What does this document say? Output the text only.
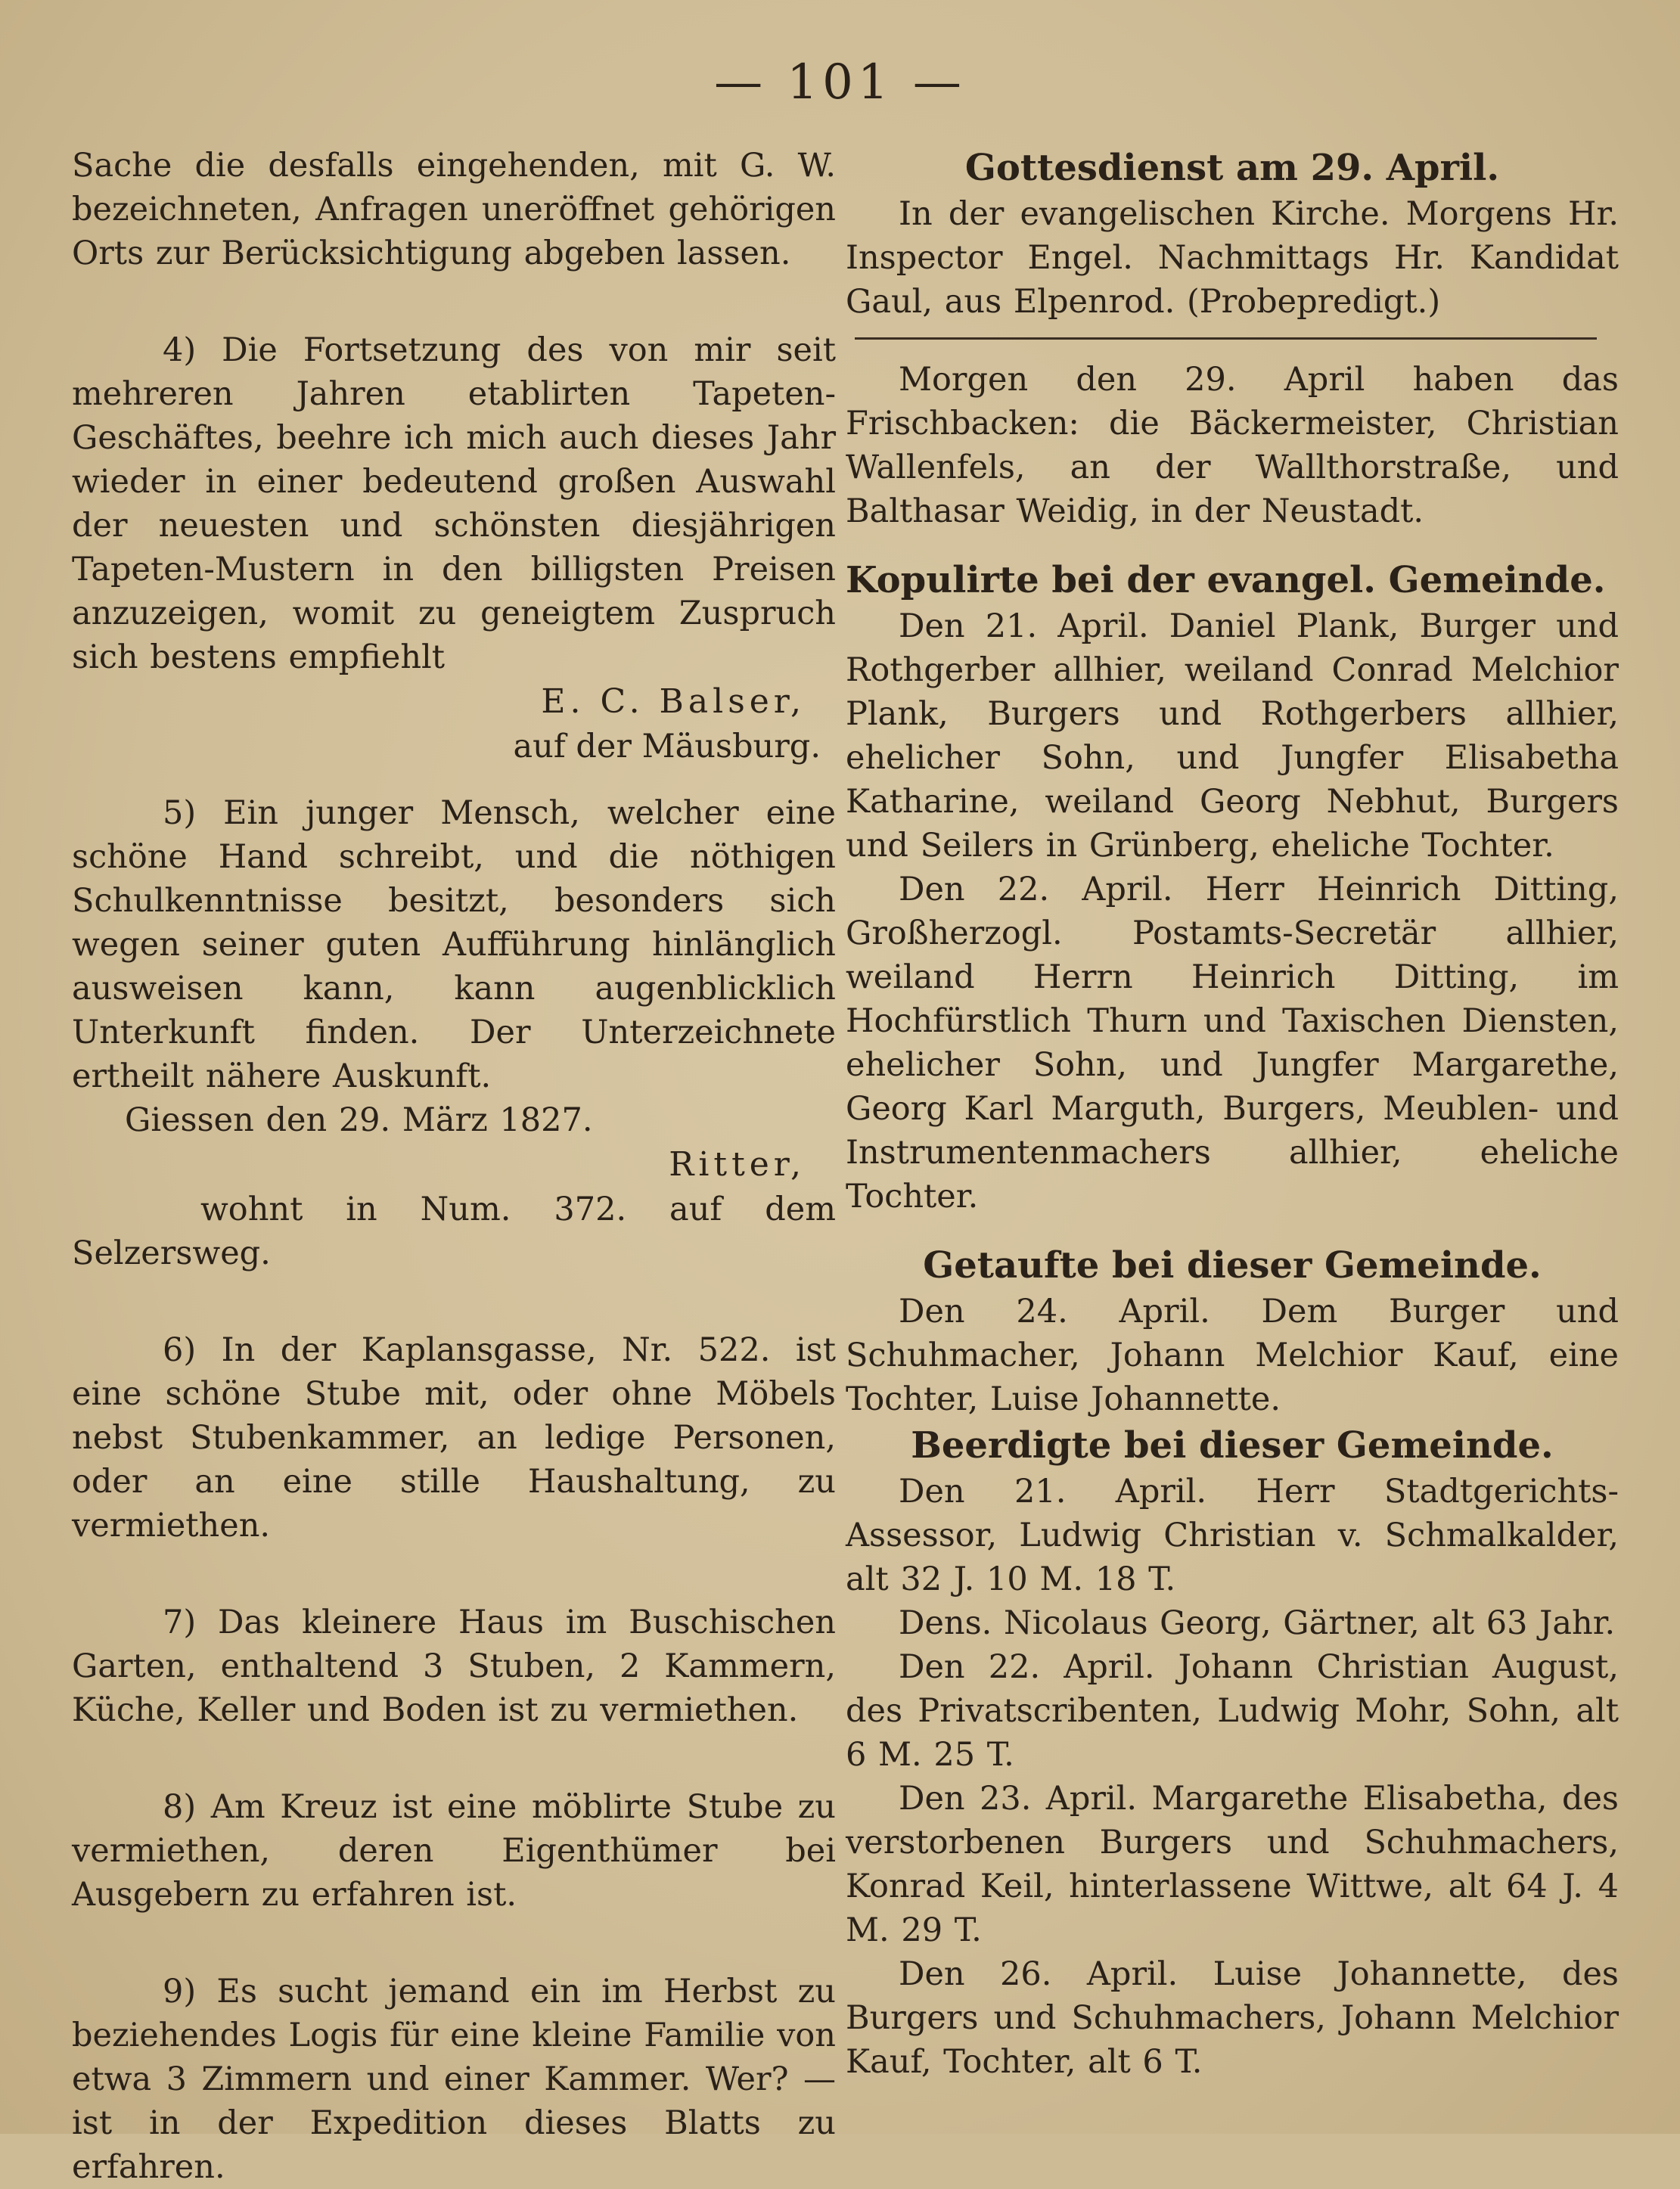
— 101 —

Sache die desfalls eingehenden, mit G. W. bezeichneten, Anfragen uneröffnet gehörigen Orts zur Berücksichtigung abgeben lassen.

4) Die Fortsetzung des von mir seit mehreren Jahren etablirten Tapeten-Geschäftes, beehre ich mich auch dieses Jahr wieder in einer bedeutend großen Auswahl der neuesten und schönsten diesjährigen Tapeten-Mustern in den billigsten Preisen anzuzeigen, womit zu geneigtem Zuspruch sich bestens empfiehlt

E. C. Balser,

auf der Mäusburg.

5) Ein junger Mensch, welcher eine schöne Hand schreibt, und die nöthigen Schulkenntnisse besitzt, besonders sich wegen seiner guten Aufführung hinlänglich ausweisen kann, kann augenblicklich Unterkunft finden. Der Unterzeichnete ertheilt nähere Auskunft.

Giessen den 29. März 1827.

Ritter,

wohnt in Num. 372. auf dem Selzersweg.

6) In der Kaplansgasse, Nr. 522. ist eine schöne Stube mit, oder ohne Möbels nebst Stubenkammer, an ledige Personen, oder an eine stille Haushaltung, zu vermiethen.

7) Das kleinere Haus im Buschischen Garten, enthaltend 3 Stuben, 2 Kammern, Küche, Keller und Boden ist zu vermiethen.

8) Am Kreuz ist eine möblirte Stube zu vermiethen, deren Eigenthümer bei Ausgebern zu erfahren ist.

9) Es sucht jemand ein im Herbst zu beziehendes Logis für eine kleine Familie von etwa 3 Zimmern und einer Kammer. Wer? — ist in der Expedition dieses Blatts zu erfahren.

Gottesdienst am 29. April.

In der evangelischen Kirche. Morgens Hr. Inspector Engel. Nachmittags Hr. Kandidat Gaul, aus Elpenrod. (Probepredigt.)

Morgen den 29. April haben das Frischbacken: die Bäckermeister, Christian Wallenfels, an der Wallthorstraße, und Balthasar Weidig, in der Neustadt.

Kopulirte bei der evangel. Gemeinde.

Den 21. April. Daniel Plank, Burger und Rothgerber allhier, weiland Conrad Melchior Plank, Burgers und Rothgerbers allhier, ehelicher Sohn, und Jungfer Elisabetha Katharine, weiland Georg Nebhut, Burgers und Seilers in Grünberg, eheliche Tochter.

Den 22. April. Herr Heinrich Ditting, Großherzogl. Postamts-Secretär allhier, weiland Herrn Heinrich Ditting, im Hochfürstlich Thurn und Taxischen Diensten, ehelicher Sohn, und Jungfer Margarethe, Georg Karl Marguth, Burgers, Meublen- und Instrumentenmachers allhier, eheliche Tochter.

Getaufte bei dieser Gemeinde.

Den 24. April. Dem Burger und Schuhmacher, Johann Melchior Kauf, eine Tochter, Luise Johannette.

Beerdigte bei dieser Gemeinde.

Den 21. April. Herr Stadtgerichts-Assessor, Ludwig Christian v. Schmalkalder, alt 32 J. 10 M. 18 T.

Dens. Nicolaus Georg, Gärtner, alt 63 Jahr.

Den 22. April. Johann Christian August, des Privatscribenten, Ludwig Mohr, Sohn, alt 6 M. 25 T.

Den 23. April. Margarethe Elisabetha, des verstorbenen Burgers und Schuhmachers, Konrad Keil, hinterlassene Wittwe, alt 64 J. 4 M. 29 T.

Den 26. April. Luise Johannette, des Burgers und Schuhmachers, Johann Melchior Kauf, Tochter, alt 6 T.
